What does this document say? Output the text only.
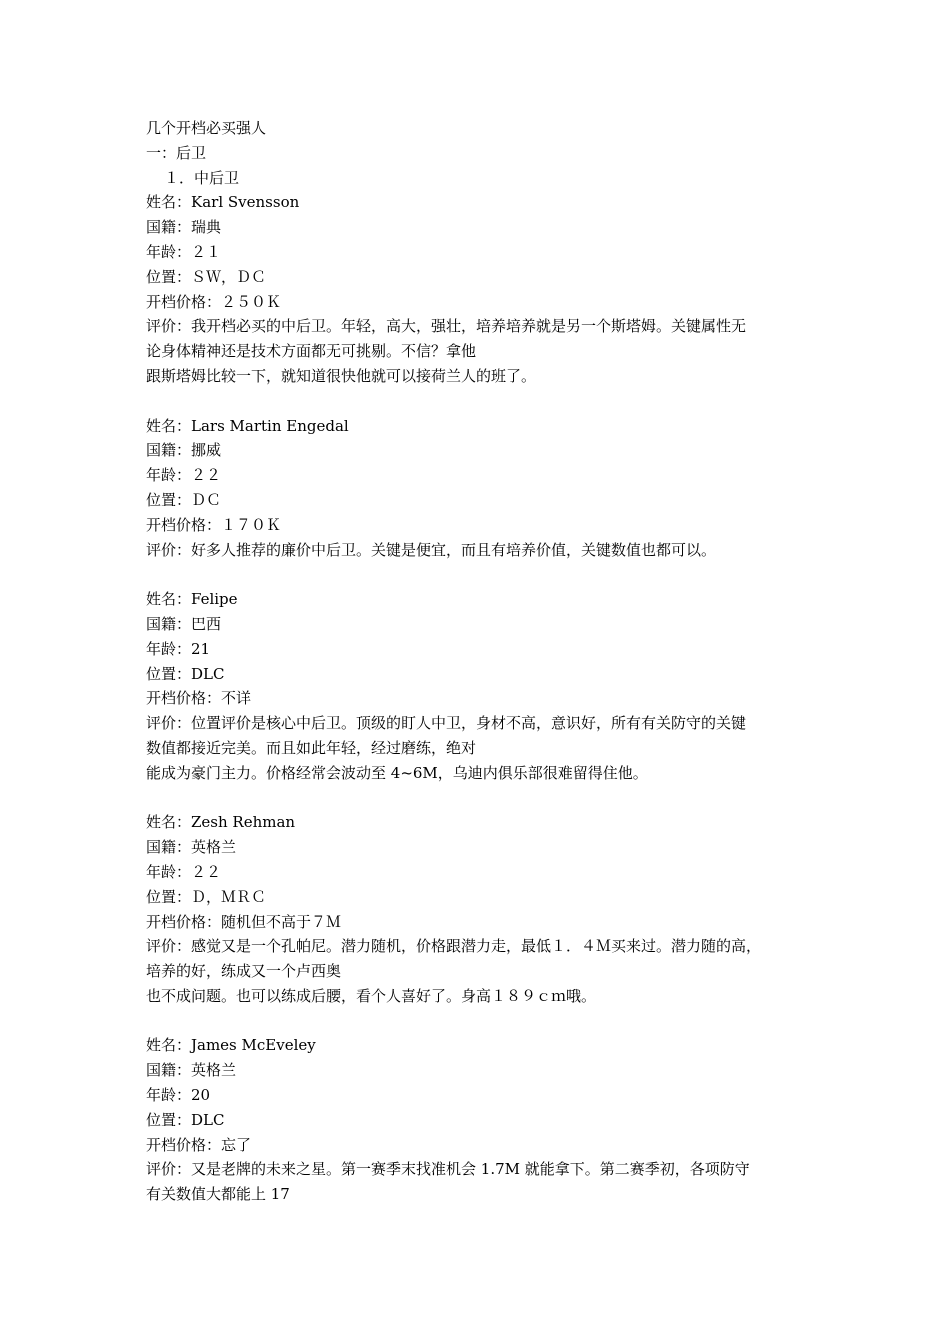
几个开档必买强人

一：后卫

１．中后卫

姓名：Karl Svensson

国籍：瑞典

年龄：２１

位置：ＳＷ，ＤＣ

开档价格：２５０Ｋ

评价：我开档必买的中后卫。年轻，高大，强壮，培养培养就是另一个斯塔姆。关键属性无

论身体精神还是技术方面都无可挑剔。不信？拿他

跟斯塔姆比较一下，就知道很快他就可以接荷兰人的班了。

姓名：Lars Martin Engedal

国籍：挪威

年龄：２２

位置：ＤＣ

开档价格：１７０Ｋ

评价：好多人推荐的廉价中后卫。关键是便宜，而且有培养价值，关键数值也都可以。

姓名：Felipe

国籍：巴西

年龄：21

位置：DLC

开档价格：不详

评价：位置评价是核心中后卫。顶级的盯人中卫，身材不高，意识好，所有有关防守的关键

数值都接近完美。而且如此年轻，经过磨练，绝对

能成为豪门主力。价格经常会波动至 4~6M，乌迪内俱乐部很难留得住他。

姓名：Zesh Rehman

国籍：英格兰

年龄：２２

位置：Ｄ，ＭＲＣ

开档价格：随机但不高于７Ｍ

评价：感觉又是一个孔帕尼。潜力随机，价格跟潜力走，最低１．４Ｍ买来过。潜力随的高，

培养的好，练成又一个卢西奥

也不成问题。也可以练成后腰，看个人喜好了。身高１８９ｃｍ哦。

姓名：James McEveley

国籍：英格兰

年龄：20

位置：DLC

开档价格：忘了

评价：又是老牌的未来之星。第一赛季末找准机会 1.7M 就能拿下。第二赛季初，各项防守

有关数值大都能上 17
